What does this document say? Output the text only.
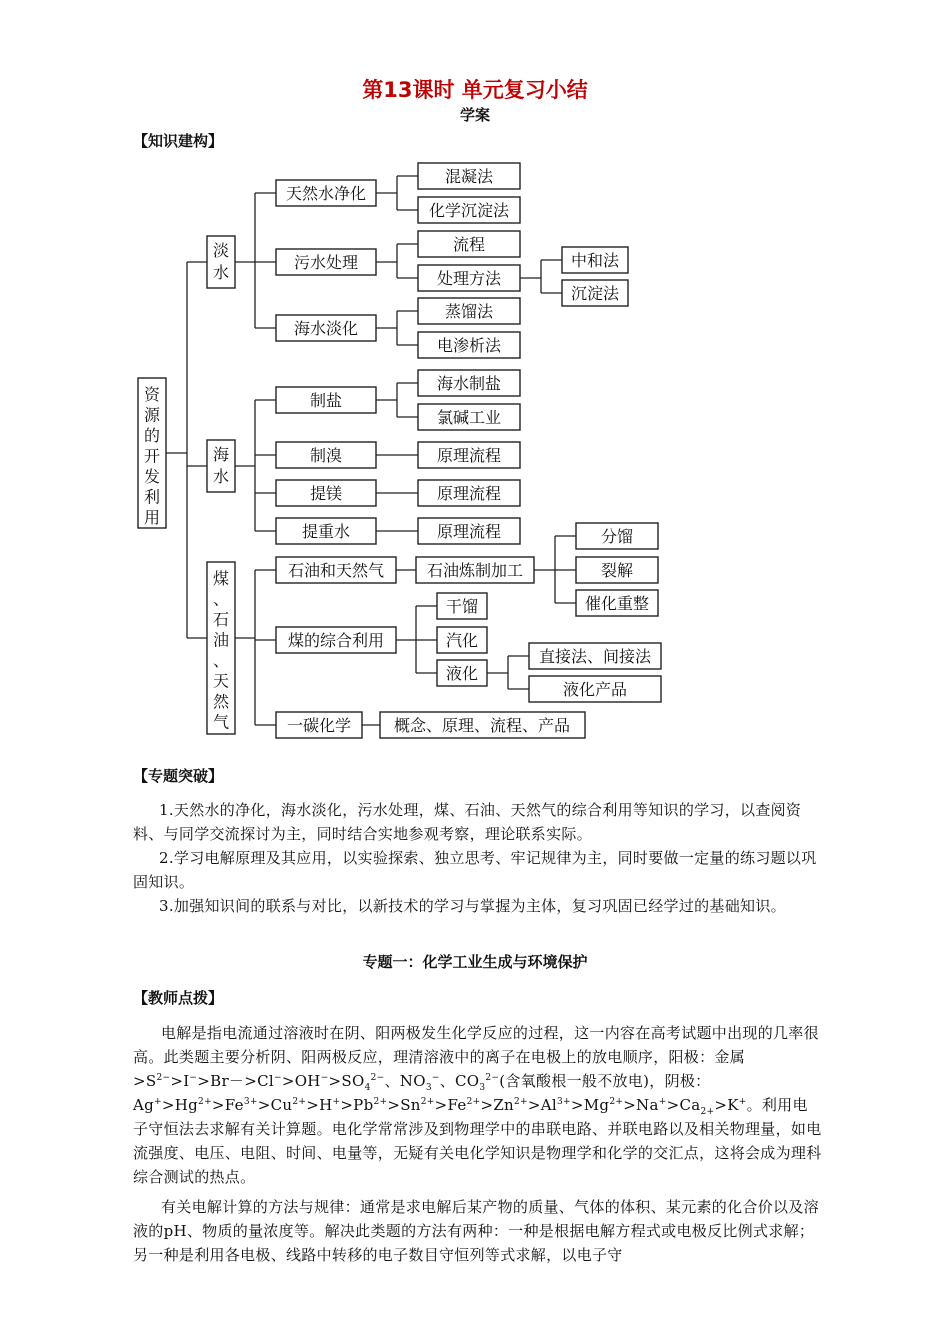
第13课时 单元复习小结
学案
【知识建构】
资源的开发利用
淡水
海水
煤、石油、天然气
天然水净化
污水处理
海水淡化
混凝法
化学沉淀法
流程
处理方法
中和法
沉淀法
蒸馏法
电渗析法
制盐
制溴
提镁
提重水
海水制盐
氯碱工业
原理流程
原理流程
原理流程
石油和天然气
煤的综合利用
一碳化学
石油炼制加工
分馏
裂解
催化重整
干馏
汽化
液化
直接法、间接法
液化产品
概念、原理、流程、产品
【专题突破】

1.天然水的净化，海水淡化，污水处理，煤、石油、天然气的综合利用等知识的学习，以查阅资料、与同学交流探讨为主，同时结合实地参观考察，理论联系实际。

2.学习电解原理及其应用，以实验探索、独立思考、牢记规律为主，同时要做一定量的练习题以巩固知识。

3.加强知识间的联系与对比，以新技术的学习与掌握为主体，复习巩固已经学过的基础知识。

专题一：化学工业生成与环境保护
【教师点拨】

电解是指电流通过溶液时在阴、阳两极发生化学反应的过程，这一内容在高考试题中出现的几率很高。此类题主要分析阴、阳两极反应，理清溶液中的离子在电极上的放电顺序，阳极：金属$>S^{2-}>I^->Br->Cl^->OH^->SO_4^{2-}$、$NO_3^-$、$CO_3^{2-}$(含氧酸根一般不放电)，阴极：$Ag^+>Hg^{2+}>Fe^{3+}>Cu^{2+}>H^+>Pb^{2+}>Sn^{2+}>Fe^{2+}>Zn^{2+}>Al^{3+}>Mg^{2+}>Na^+>Ca_{2+}>K^+$。利用电子守恒法去求解有关计算题。电化学常常涉及到物理学中的串联电路、并联电路以及相关物理量，如电流强度、电压、电阻、时间、电量等，无疑有关电化学知识是物理学和化学的交汇点，这将会成为理科综合测试的热点。

有关电解计算的方法与规律：通常是求电解后某产物的质量、气体的体积、某元素的化合价以及溶液的pH、物质的量浓度等。解决此类题的方法有两种：一种是根据电解方程式或电极反比例式求解；另一种是利用各电极、线路中转移的电子数目守恒列等式求解，以电子守
